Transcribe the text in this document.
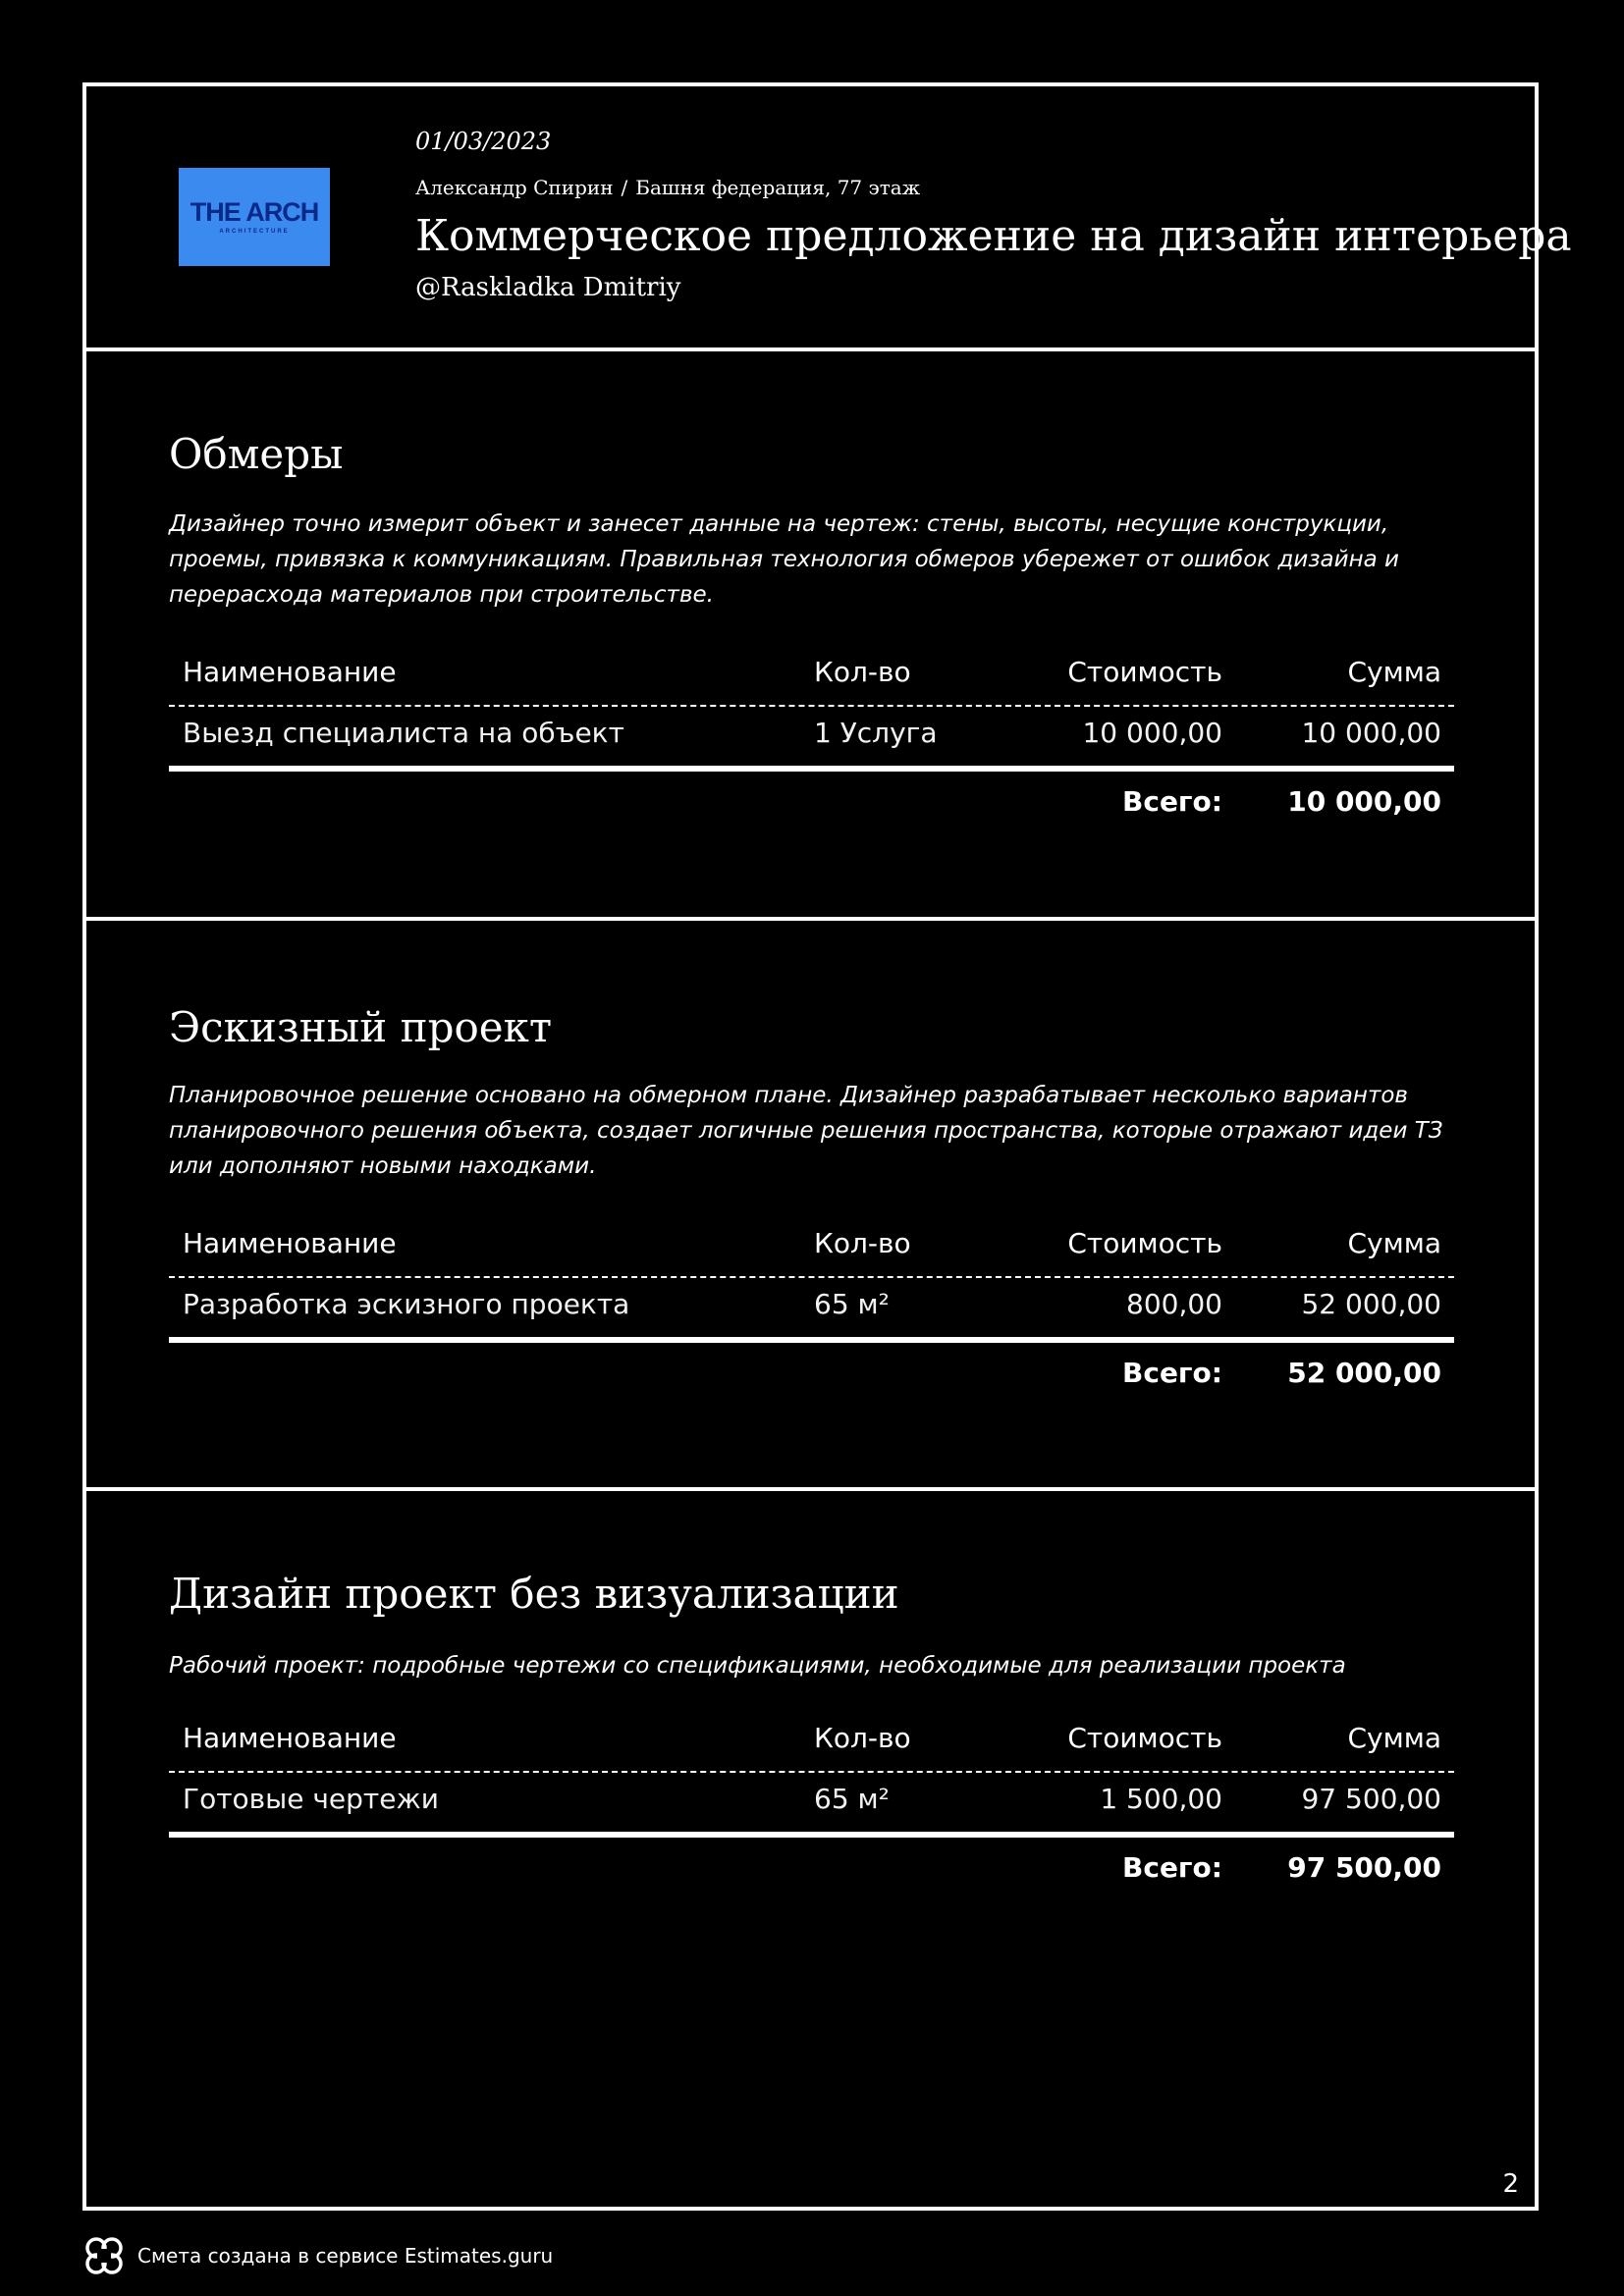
THE ARCH
ARCHITECTURE
01/03/2023
Александр Спирин / Башня федерация, 77 этаж
Коммерческое предложение на дизайн интерьера
@Raskladka Dmitriy
Обмеры
Дизайнер точно измерит объект и занесет данные на чертеж: стены, высоты, несущие конструкции, проемы, привязка к коммуникациям. Правильная технология обмеров убережет от ошибок дизайна и перерасхода материалов при строительстве.
Наименование	Кол-во	Стоимость	Сумма
Выезд специалиста на объект	1 Услуга	10 000,00	10 000,00
Всего: 10 000,00
Эскизный проект
Планировочное решение основано на обмерном плане. Дизайнер разрабатывает несколько вариантов планировочного решения объекта, создает логичные решения пространства, которые отражают идеи ТЗ или дополняют новыми находками.
Наименование	Кол-во	Стоимость	Сумма
Разработка эскизного проекта	65 м²	800,00	52 000,00
Всего: 52 000,00
Дизайн проект без визуализации
Рабочий проект: подробные чертежи со спецификациями, необходимые для реализации проекта
Наименование	Кол-во	Стоимость	Сумма
Готовые чертежи	65 м²	1 500,00	97 500,00
Всего: 97 500,00
2
Смета создана в сервисе Estimates.guru
